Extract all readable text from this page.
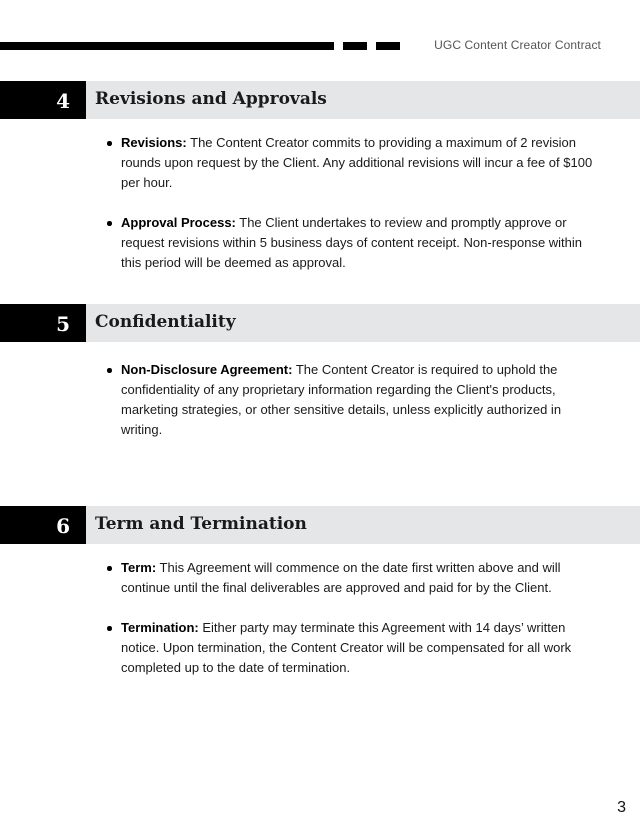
UGC Content Creator Contract
4 Revisions and Approvals
Revisions: The Content Creator commits to providing a maximum of 2 revision rounds upon request by the Client. Any additional revisions will incur a fee of $100 per hour.
Approval Process: The Client undertakes to review and promptly approve or request revisions within 5 business days of content receipt. Non-response within this period will be deemed as approval.
5 Confidentiality
Non-Disclosure Agreement: The Content Creator is required to uphold the confidentiality of any proprietary information regarding the Client's products, marketing strategies, or other sensitive details, unless explicitly authorized in writing.
6 Term and Termination
Term: This Agreement will commence on the date first written above and will continue until the final deliverables are approved and paid for by the Client.
Termination: Either party may terminate this Agreement with 14 days’ written notice. Upon termination, the Content Creator will be compensated for all work completed up to the date of termination.
3
